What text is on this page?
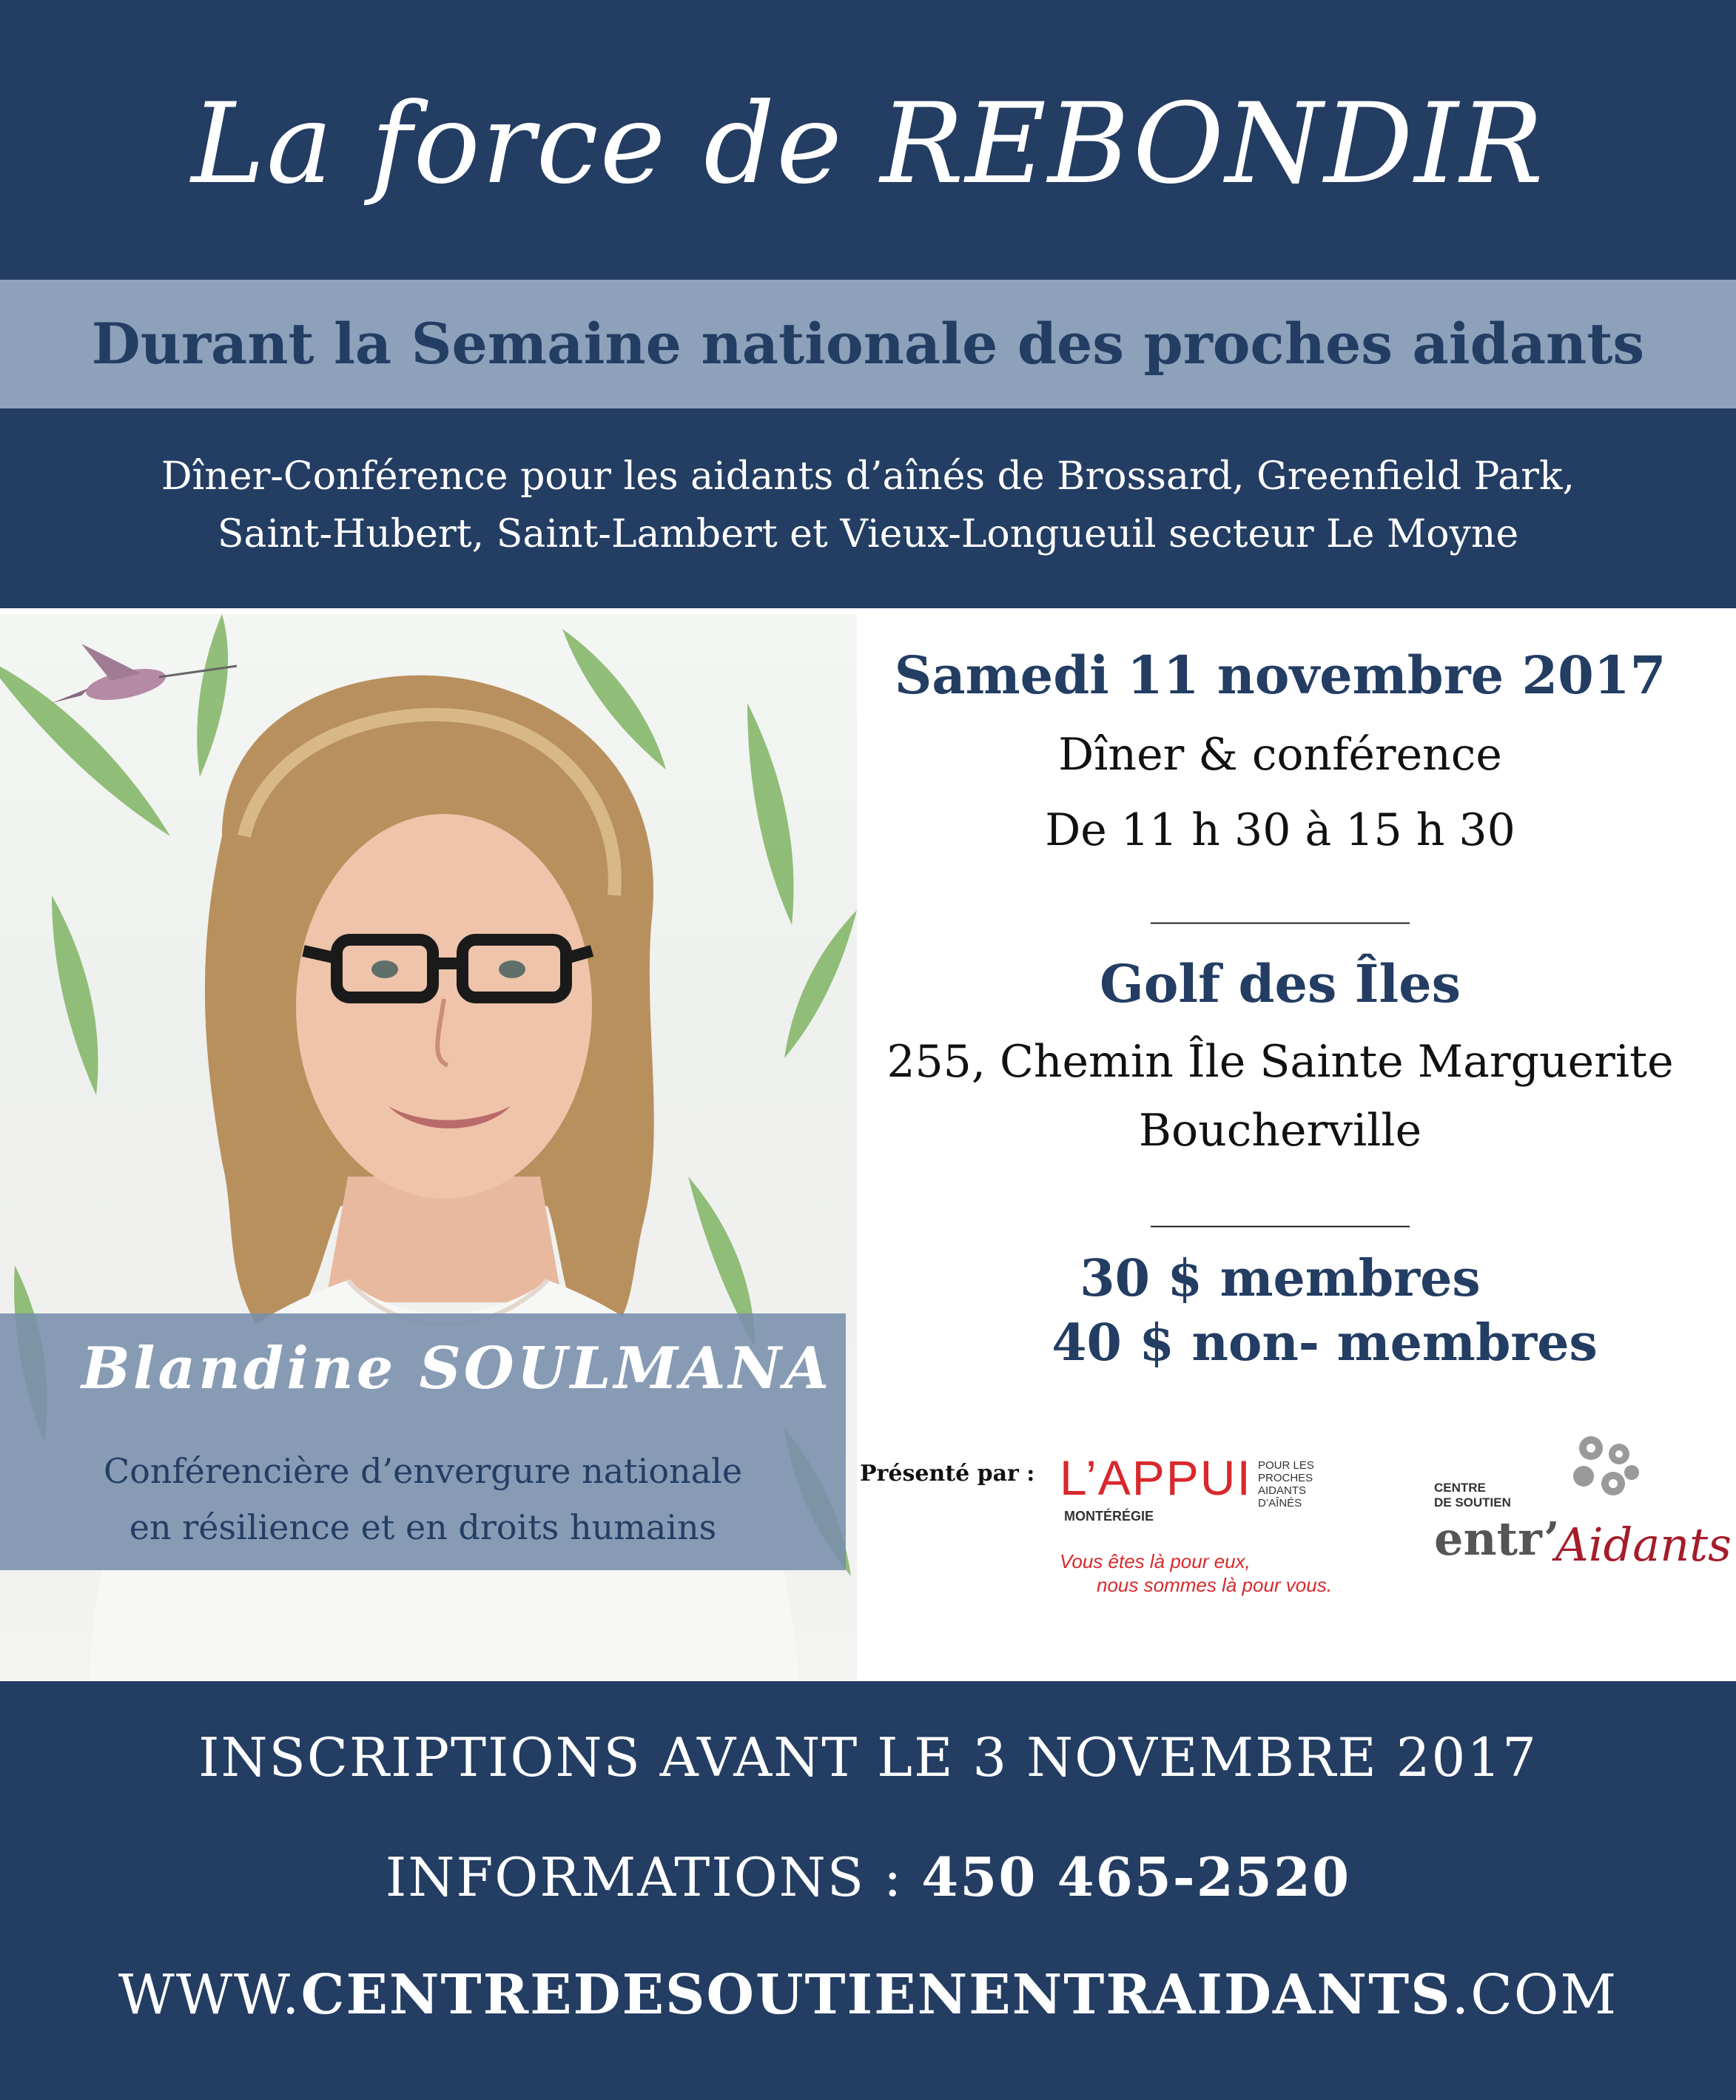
La force de REBONDIR
Durant la Semaine nationale des proches aidants
Dîner-Conférence pour les aidants d’aînés de Brossard, Greenfield Park,
Saint-Hubert, Saint-Lambert et Vieux-Longueuil secteur Le Moyne
Blandine SOULMANA
Conférencière d’envergure nationale
en résilience et en droits humains
Samedi 11 novembre 2017
Dîner & conférence
De 11 h 30 à 15 h 30
______________
Golf des Îles
255, Chemin Île Sainte Marguerite
Boucherville
______________
30 $ membres
40 $ non- membres
Présenté par : L’APPUI POUR LES
PROCHES AIDANTS
D’AÎNÉS
MONTÉRÉGIE
Vous êtes là pour eux,
nous sommes là pour vous.
CENTRE
DE SOUTIEN
entr’
Aidants
INSCRIPTIONS AVANT LE 3 NOVEMBRE 2017
INFORMATIONS : 450 465-2520
WWW.CENTREDESOUTIENENTRAIDANTS.COM
